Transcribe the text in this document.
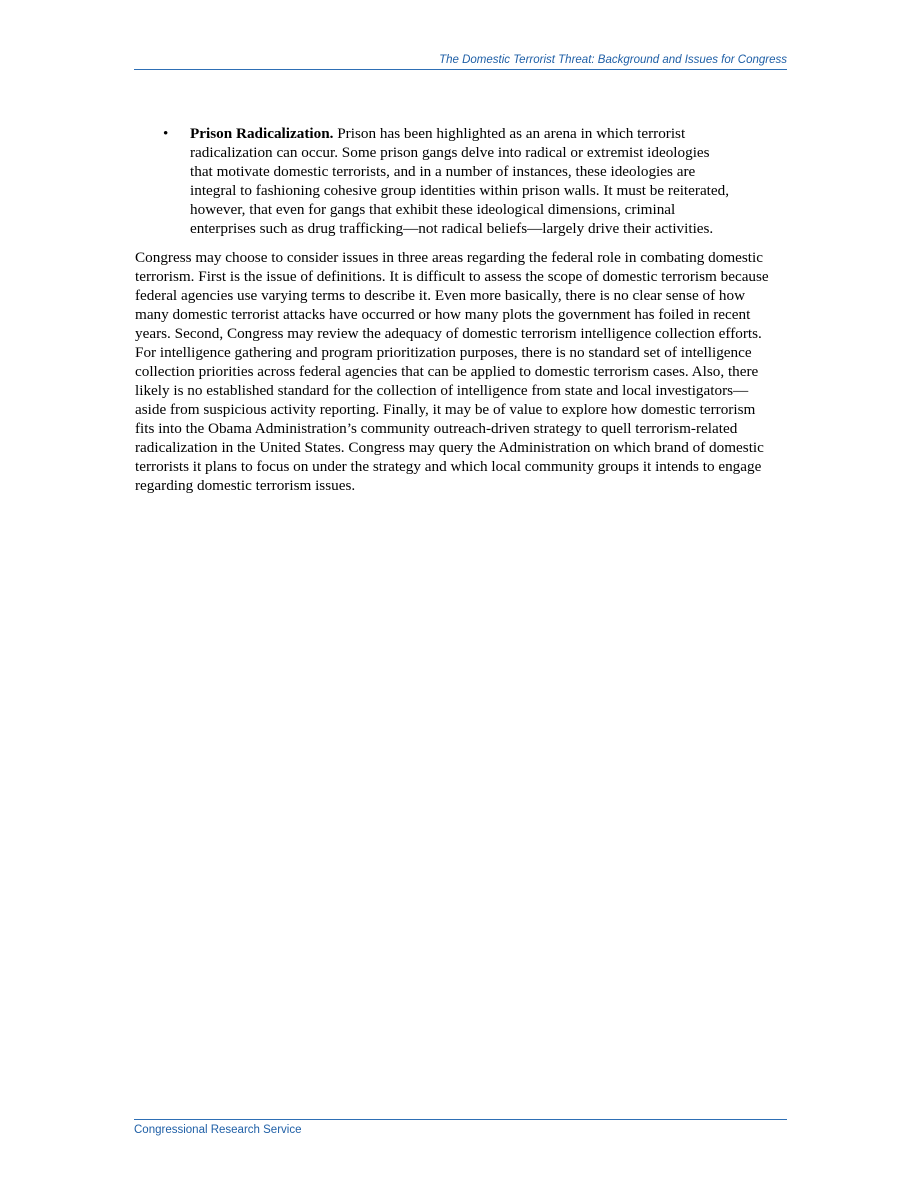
The Domestic Terrorist Threat: Background and Issues for Congress
•	Prison Radicalization. Prison has been highlighted as an arena in which terrorist radicalization can occur. Some prison gangs delve into radical or extremist ideologies that motivate domestic terrorists, and in a number of instances, these ideologies are integral to fashioning cohesive group identities within prison walls. It must be reiterated, however, that even for gangs that exhibit these ideological dimensions, criminal enterprises such as drug trafficking—not radical beliefs—largely drive their activities.

Congress may choose to consider issues in three areas regarding the federal role in combating domestic terrorism. First is the issue of definitions. It is difficult to assess the scope of domestic terrorism because federal agencies use varying terms to describe it. Even more basically, there is no clear sense of how many domestic terrorist attacks have occurred or how many plots the government has foiled in recent years. Second, Congress may review the adequacy of domestic terrorism intelligence collection efforts. For intelligence gathering and program prioritization purposes, there is no standard set of intelligence collection priorities across federal agencies that can be applied to domestic terrorism cases. Also, there likely is no established standard for the collection of intelligence from state and local investigators—aside from suspicious activity reporting. Finally, it may be of value to explore how domestic terrorism fits into the Obama Administration’s community outreach-driven strategy to quell terrorism-related radicalization in the United States. Congress may query the Administration on which brand of domestic terrorists it plans to focus on under the strategy and which local community groups it intends to engage regarding domestic terrorism issues.

Congressional Research Service
